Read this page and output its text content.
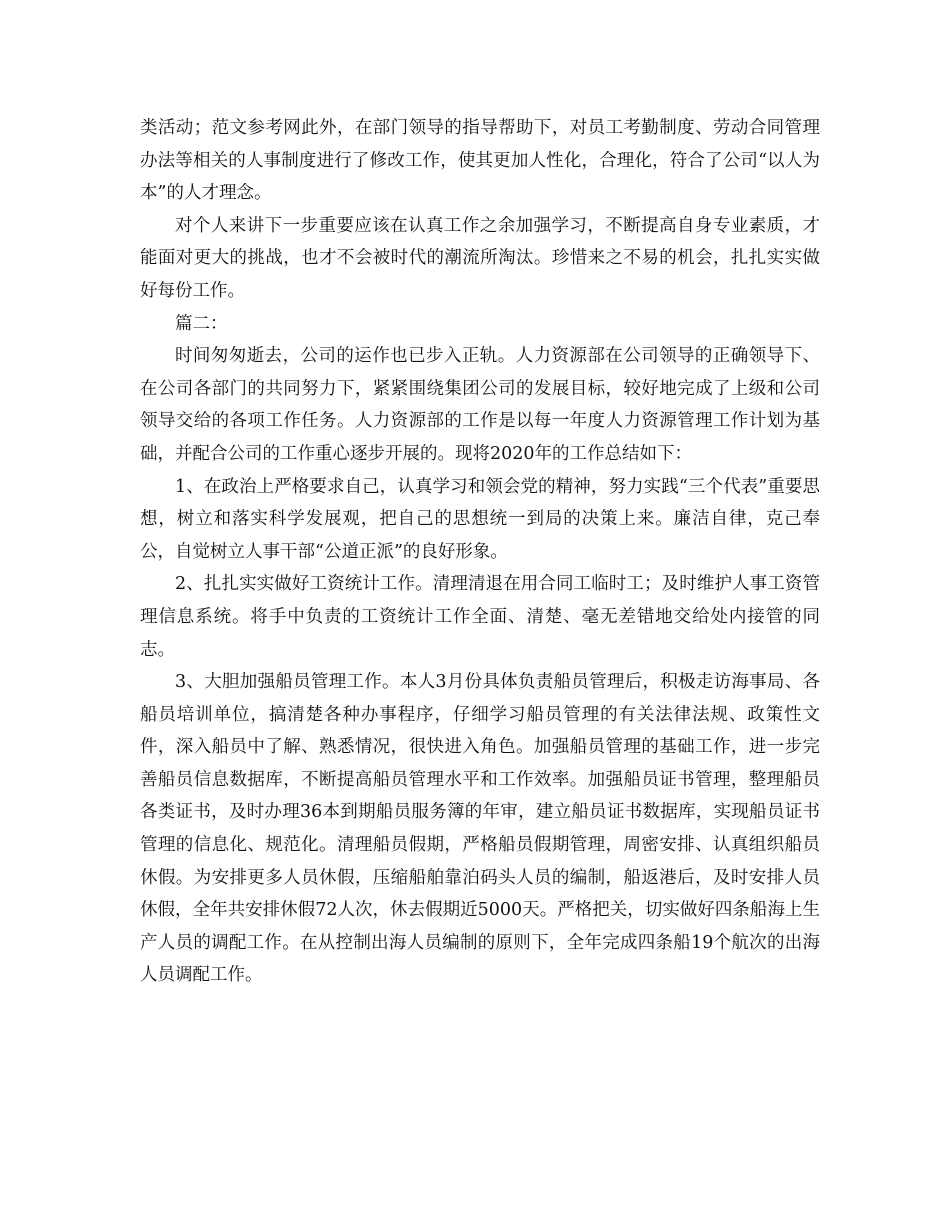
类活动；范文参考网此外，在部门领导的指导帮助下，对员工考勤制度、劳动合同管理办法等相关的人事制度进行了修改工作，使其更加人性化，合理化，符合了公司“以人为本”的人才理念。

对个人来讲下一步重要应该在认真工作之余加强学习，不断提高自身专业素质，才能面对更大的挑战，也才不会被时代的潮流所淘汰。珍惜来之不易的机会，扎扎实实做好每份工作。

篇二：

时间匆匆逝去，公司的运作也已步入正轨。人力资源部在公司领导的正确领导下、在公司各部门的共同努力下，紧紧围绕集团公司的发展目标，较好地完成了上级和公司领导交给的各项工作任务。人力资源部的工作是以每一年度人力资源管理工作计划为基础，并配合公司的工作重心逐步开展的。现将2020年的工作总结如下：

1、在政治上严格要求自己，认真学习和领会党的精神，努力实践“三个代表”重要思想，树立和落实科学发展观，把自己的思想统一到局的决策上来。廉洁自律，克己奉公，自觉树立人事干部“公道正派”的良好形象。

2、扎扎实实做好工资统计工作。清理清退在用合同工临时工；及时维护人事工资管理信息系统。将手中负责的工资统计工作全面、清楚、毫无差错地交给处内接管的同志。

3、大胆加强船员管理工作。本人3月份具体负责船员管理后，积极走访海事局、各船员培训单位，搞清楚各种办事程序，仔细学习船员管理的有关法律法规、政策性文件，深入船员中了解、熟悉情况，很快进入角色。加强船员管理的基础工作，进一步完善船员信息数据库，不断提高船员管理水平和工作效率。加强船员证书管理，整理船员各类证书，及时办理36本到期船员服务簿的年审，建立船员证书数据库，实现船员证书管理的信息化、规范化。清理船员假期，严格船员假期管理，周密安排、认真组织船员休假。为安排更多人员休假，压缩船舶靠泊码头人员的编制，船返港后，及时安排人员休假，全年共安排休假72人次，休去假期近5000天。严格把关，切实做好四条船海上生产人员的调配工作。在从控制出海人员编制的原则下，全年完成四条船19个航次的出海人员调配工作。
